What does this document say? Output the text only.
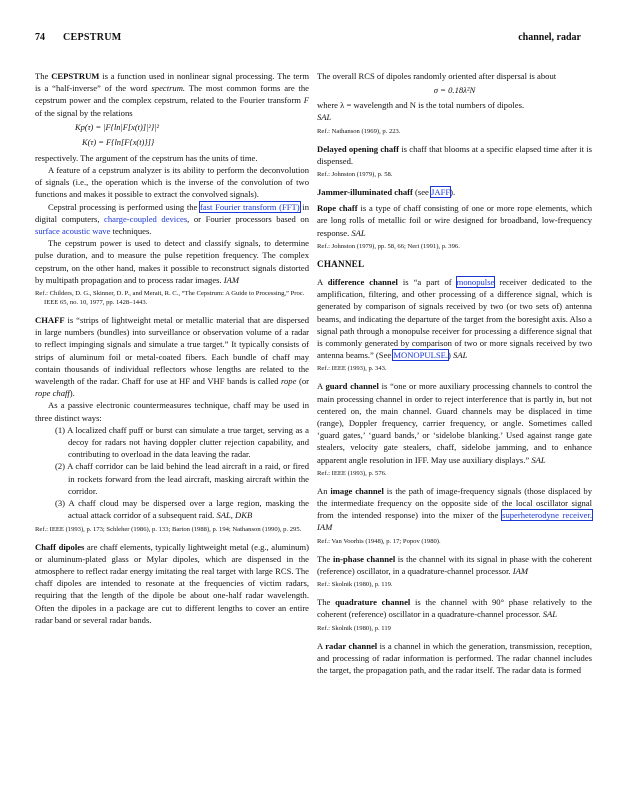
74 CEPSTRUM	channel, radar

The CEPSTRUM is a function used in nonlinear signal processing. The term is a “half-inverse” of the word spectrum. The most common forms are the cepstrum power and the complex cepstrum, related to the Fourier transform F of the signal by the relations

Kp(τ) = |F{ln|F[x(t)]|²}|²
K(τ) = F{ln[F{x(t)}]}

respectively. The argument of the cepstrum has the units of time.

A feature of a cepstrum analyzer is its ability to perform the deconvolution of signals (i.e., the operation which is the inverse of the convolution of two functions and makes it possible to extract the convolved signals).

Cepstral processing is performed using the fast Fourier transform (FFT) in digital computers, charge-coupled devices, or Fourier processors based on surface acoustic wave techniques.

The cepstrum power is used to detect and classify signals, to determine pulse duration, and to measure the pulse repetition frequency. The complex cepstrum, on the other hand, makes it possible to reconstruct signals distorted by multipath propagation and to process radar images. IAM

Ref.: Childers, D. G., Skinner, D. P., and Merait, R. C., “The Cepstrum: A Guide to Processing,” Proc. IEEE 65, no. 10, 1977, pp. 1428–1443.

CHAFF is “strips of lightweight metal or metallic material that are dispersed in large numbers (bundles) into surveillance or observation volume of a radar to reflect impinging signals and simulate a true target.” It typically consists of strips of aluminum foil or metal-coated fibers. Each bundle of chaff may contain thousands of individual reflectors whose lengths are related to the wavelength of the radar. Chaff for use at HF and VHF bands is called rope (or rope chaff).

As a passive electronic countermeasures technique, chaff may be used in three distinct ways:

(1) A localized chaff puff or burst can simulate a true target, serving as a decoy for radars not having doppler clutter rejection capability, and contributing to overload in the data leaving the radar.

(2) A chaff corridor can be laid behind the lead aircraft in a raid, or fired in rockets forward from the lead aircraft, masking aircraft within the corridor.

(3) A chaff cloud may be dispersed over a large region, masking the actual attack corridor of a subsequent raid. SAL, DKB

Ref.: IEEE (1993), p. 173; Schleher (1986), p. 133; Barton (1988), p. 194; Nathanson (1990), p. 295.

Chaff dipoles are chaff elements, typically lightweight metal (e.g., aluminum) or aluminum-plated glass or Mylar dipoles, which are dispensed in the atmosphere to reflect radar energy imitating the real target with large RCS. The chaff dipoles are intended to resonate at the frequencies of victim radars, requiring that the length of the dipole be about one-half radar wavelength. Often the dipoles in a package are cut to different lengths to cover an entire radar band or several radar bands.

The overall RCS of dipoles randomly oriented after dispersal is about

σ = 0.18λ²N

where λ = wavelength and N is the total numbers of dipoles.

SAL

Ref.: Nathanson (1969), p. 223.

Delayed opening chaff is chaff that blooms at a specific elapsed time after it is dispensed.

Ref.: Johnston (1979), p. 58.

Jammer-illuminated chaff (see JAFF).

Rope chaff is a type of chaff consisting of one or more rope elements, which are long rolls of metallic foil or wire designed for broadband, low-frequency response. SAL

Ref.: Johnston (1979), pp. 58, 66; Neri (1991), p. 396.
CHANNEL

A difference channel is “a part of monopulse receiver dedicated to the amplification, filtering, and other processing of a difference signal, which is generated by comparison of signals received by two (or two sets of) antenna beams, and indicating the departure of the target from the boresight axis. Also a signal path through a monopulse receiver for processing a difference signal that is commonly generated by comparison of two or more signals received by two antenna beams.” (See MONOPULSE.) SAL

Ref.: IEEE (1993), p. 343.

A guard channel is “one or more auxiliary processing channels to control the main processing channel in order to reject interference that is partly in, but not centered on, the main channel. Guard channels may be displaced in time (range), Doppler frequency, carrier frequency, or angle. Sometimes called ‘guard gates,’ ‘guard bands,’ or ‘sidelobe blanking.’ Used against range gate stealers, velocity gate stealers, chaff, sidelobe jamming, and to enhance apparent angle resolution in IFF. May use auxiliary displays.” SAL

Ref.: IEEE (1993), p. 576.

An image channel is the path of image-frequency signals (those displaced by the intermediate frequency on the opposite side of the local oscillator signal from the intended response) into the mixer of the superheterodyne receiver. IAM

Ref.: Van Voorhis (1948), p. 17; Popov (1980).

The in-phase channel is the channel with its signal in phase with the coherent (reference) oscillator, in a quadrature-channel processor. IAM

Ref.: Skolnik (1980), p. 119.

The quadrature channel is the channel with 90° phase relatively to the coherent (reference) oscillator in a quadrature-channel processor. SAL

Ref.: Skolnik (1980), p. 119

A radar channel is a channel in which the generation, transmission, reception, and processing of radar information is performed. The radar channel includes the target, the propagation path, and the radar itself. The radar data is formed
